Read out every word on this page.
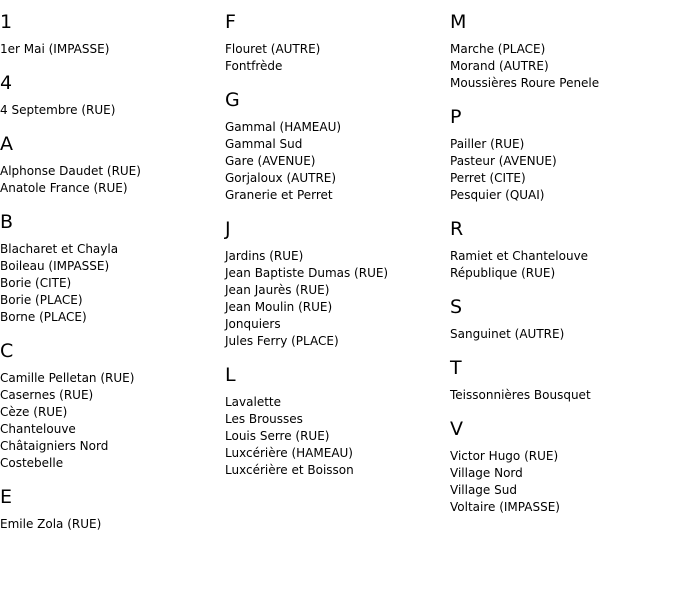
1
1er Mai (IMPASSE)
4
4 Septembre (RUE)
A
Alphonse Daudet (RUE)
Anatole France (RUE)
B
Blacharet et Chayla
Boileau (IMPASSE)
Borie (CITE)
Borie (PLACE)
Borne (PLACE)
C
Camille Pelletan (RUE)
Casernes (RUE)
Cèze (RUE)
Chantelouve
Châtaigniers Nord
Costebelle
E
Emile Zola (RUE)
F
Flouret (AUTRE)
Fontfrède
G
Gammal (HAMEAU)
Gammal Sud
Gare (AVENUE)
Gorjaloux (AUTRE)
Granerie et Perret
J
Jardins (RUE)
Jean Baptiste Dumas (RUE)
Jean Jaurès (RUE)
Jean Moulin (RUE)
Jonquiers
Jules Ferry (PLACE)
L
Lavalette
Les Brousses
Louis Serre (RUE)
Luxcérière (HAMEAU)
Luxcérière et Boisson
M
Marche (PLACE)
Morand (AUTRE)
Moussières Roure Penele
P
Pailler (RUE)
Pasteur (AVENUE)
Perret (CITE)
Pesquier (QUAI)
R
Ramiet et Chantelouve
République (RUE)
S
Sanguinet (AUTRE)
T
Teissonnières Bousquet
V
Victor Hugo (RUE)
Village Nord
Village Sud
Voltaire (IMPASSE)
